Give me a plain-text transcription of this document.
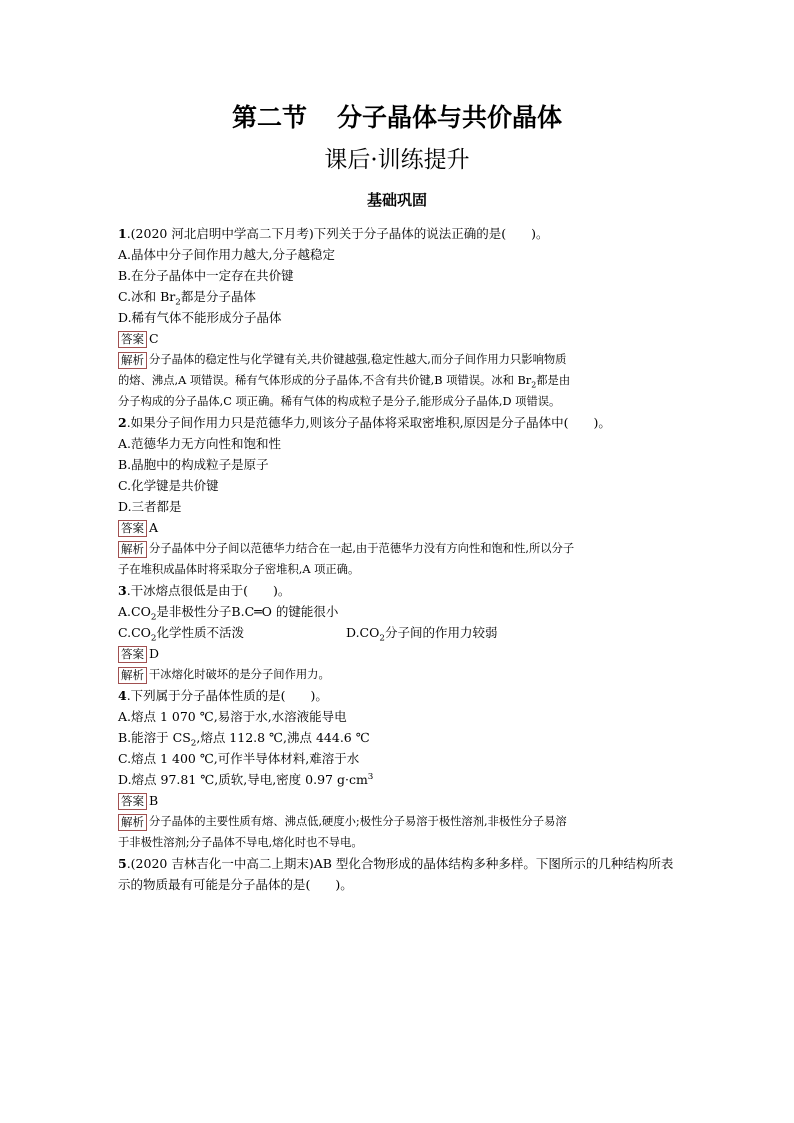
第二节 分子晶体与共价晶体
课后·训练提升
基础巩固
1.(2020 河北启明中学高二下月考)下列关于分子晶体的说法正确的是(　　)。
A.晶体中分子间作用力越大,分子越稳定
B.在分子晶体中一定存在共价键
C.冰和 $Br_2$都是分子晶体
D.稀有气体不能形成分子晶体
答案 C
解析 分子晶体的稳定性与化学键有关,共价键越强,稳定性越大,而分子间作用力只影响物质
的熔、沸点,A 项错误。稀有气体形成的分子晶体,不含有共价键,B 项错误。冰和 $Br_2$都是由
分子构成的分子晶体,C 项正确。稀有气体的构成粒子是分子,能形成分子晶体,D 项错误。
2.如果分子间作用力只是范德华力,则该分子晶体将采取密堆积,原因是分子晶体中(　　)。
A.范德华力无方向性和饱和性
B.晶胞中的构成粒子是原子
C.化学键是共价键
D.三者都是
答案 A
解析 分子晶体中分子间以范德华力结合在一起,由于范德华力没有方向性和饱和性,所以分子
子在堆积成晶体时将采取分子密堆积,A 项正确。
3.干冰熔点很低是由于(　　)。
$A.CO_2$是非极性分子B.C═O 的键能很小
$C.CO_2$化学性质不活泼	$D.CO_2$分子间的作用力较弱
答案 D
解析 干冰熔化时破坏的是分子间作用力。
4.下列属于分子晶体性质的是(　　)。
A.熔点 1 070 ℃,易溶于水,水溶液能导电
B.能溶于 $CS_2$,熔点 112.8 ℃,沸点 444.6 ℃
C.熔点 1 400 ℃,可作半导体材料,难溶于水
D.熔点 97.81 ℃,质软,导电,密度 0.97 $g\cdot cm^3$
答案 B
解析 分子晶体的主要性质有熔、沸点低,硬度小;极性分子易溶于极性溶剂,非极性分子易溶
于非极性溶剂;分子晶体不导电,熔化时也不导电。
5.(2020 吉林吉化一中高二上期末)AB 型化合物形成的晶体结构多种多样。下图所示的几种结构所表示的物质最有可能是分子晶体的是(　　)。
